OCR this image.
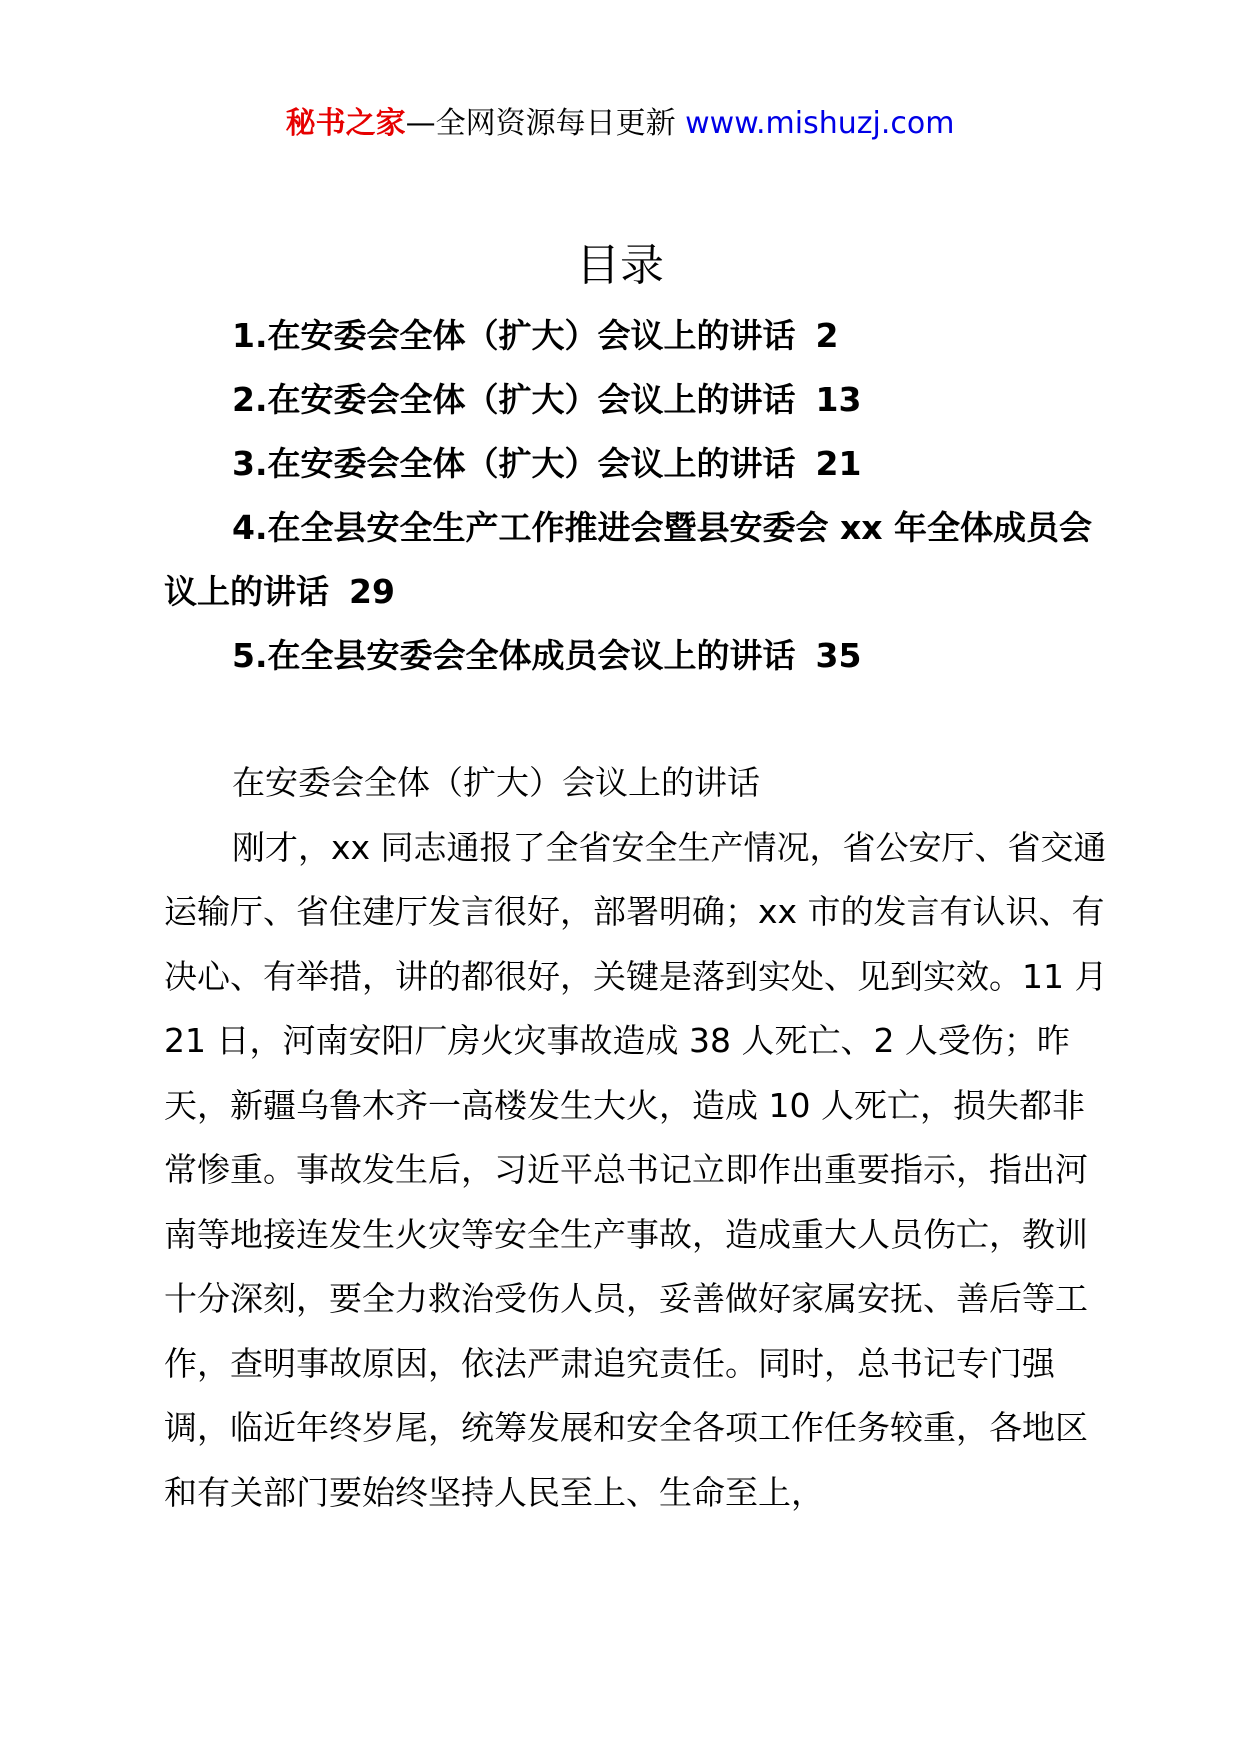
秘书之家—全网资源每日更新 www.mishuzj.com
目录
1.在安委会全体（扩大）会议上的讲话 2
2.在安委会全体（扩大）会议上的讲话 13
3.在安委会全体（扩大）会议上的讲话 21
4.在全县安全生产工作推进会暨县安委会 xx 年全体成员会议上的讲话 29
5.在全县安委会全体成员会议上的讲话 35

在安委会全体（扩大）会议上的讲话

刚才，xx 同志通报了全省安全生产情况，省公安厅、省交通运输厅、省住建厅发言很好，部署明确；xx 市的发言有认识、有决心、有举措，讲的都很好，关键是落到实处、见到实效。11 月 21 日，河南安阳厂房火灾事故造成 38 人死亡、2 人受伤；昨天，新疆乌鲁木齐一高楼发生大火，造成 10 人死亡，损失都非常惨重。事故发生后，习近平总书记立即作出重要指示，指出河南等地接连发生火灾等安全生产事故，造成重大人员伤亡，教训十分深刻，要全力救治受伤人员，妥善做好家属安抚、善后等工作，查明事故原因，依法严肃追究责任。同时，总书记专门强调，临近年终岁尾，统筹发展和安全各项工作任务较重，各地区和有关部门要始终坚持人民至上、生命至上，
